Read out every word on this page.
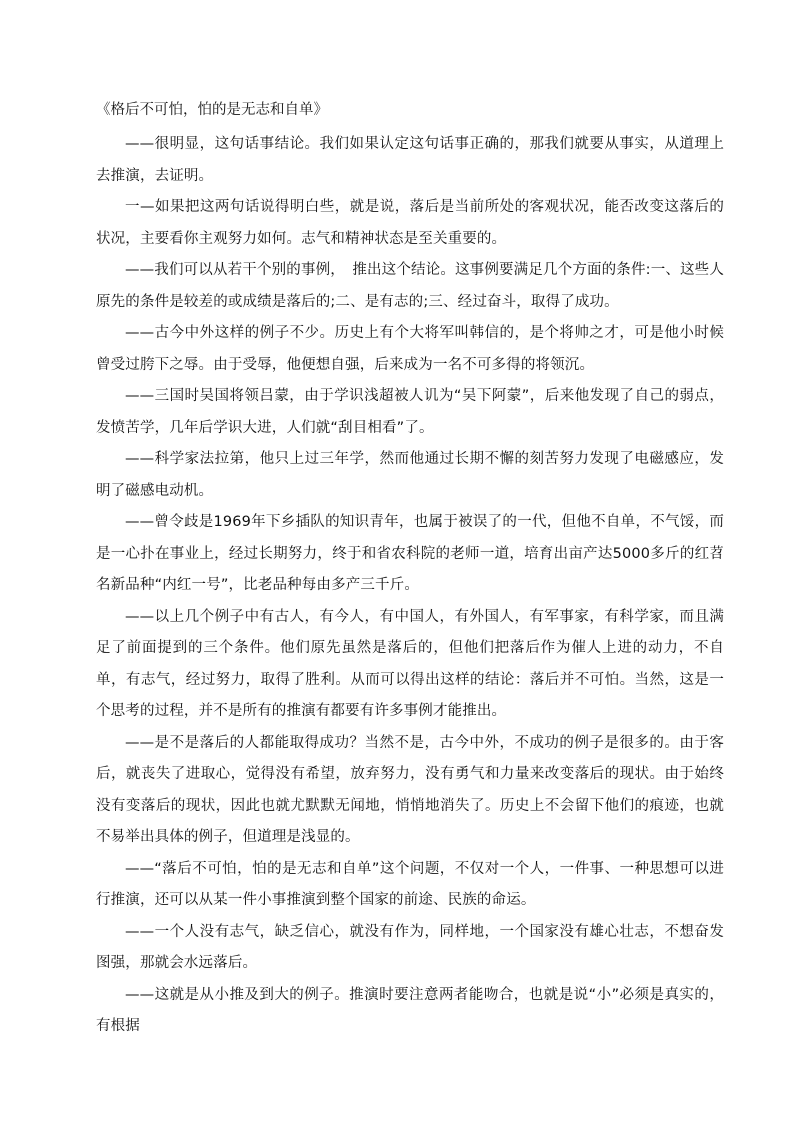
《格后不可怕，怕的是无志和自单》

——很明显，这句话事结论。我们如果认定这句话事正确的，那我们就要从事实，从道理上去推演，去证明。

一—如果把这两句话说得明白些，就是说，落后是当前所处的客观状况，能否改变这落后的状况，主要看你主观努力如何。志气和精神状态是至关重要的。

——我们可以从若干个别的事例，　推出这个结论。这事例要满足几个方面的条件:一、这些人原先的条件是较差的或成绩是落后的;二、是有志的;三、经过奋斗，取得了成功。

——古今中外这样的例子不少。历史上有个大将军叫韩信的，是个将帅之才，可是他小时候曾受过胯下之辱。由于受辱，他便想自强，后来成为一名不可多得的将领沉。

——三国时吴国将领吕蒙，由于学识浅超被人讥为“吴下阿蒙”，后来他发现了自己的弱点，发愤苦学，几年后学识大进，人们就“刮目相看”了。

——科学家法拉第，他只上过三年学，然而他通过长期不懈的刻苦努力发现了电磁感应，发明了磁感电动机。

——曾令歧是1969年下乡插队的知识青年，也属于被误了的一代，但他不自单，不气馁，而是一心扑在事业上，经过长期努力，终于和省农科院的老师一道，培育出亩产达5000多斤的红苕名新品种“内红一号”，比老品种每由多产三千斤。

——以上几个例子中有古人，有今人，有中国人，有外国人，有军事家，有科学家，而且满足了前面提到的三个条件。他们原先虽然是落后的，但他们把落后作为催人上进的动力，不自单，有志气，经过努力，取得了胜利。从而可以得出这样的结论：落后并不可怕。当然，这是一个思考的过程，并不是所有的推演有都要有许多事例才能推出。

——是不是落后的人都能取得成功？当然不是，古今中外，不成功的例子是很多的。由于客后，就丧失了进取心，觉得没有希望，放弃努力，没有勇气和力量来改变落后的现状。由于始终没有变落后的现状，因此也就尤默默无闻地，悄悄地消失了。历史上不会留下他们的痕迹，也就不易举出具体的例子，但道理是浅显的。

——“落后不可怕，怕的是无志和自单”这个问题，不仅对一个人，一件事、一种思想可以进行推演，还可以从某一件小事推演到整个国家的前途、民族的命运。

——一个人没有志气，缺乏信心，就没有作为，同样地，一个国家没有雄心壮志，不想奋发图强，那就会水远落后。

——这就是从小推及到大的例子。推演时要注意两者能吻合，也就是说“小”必须是真实的，有根据
